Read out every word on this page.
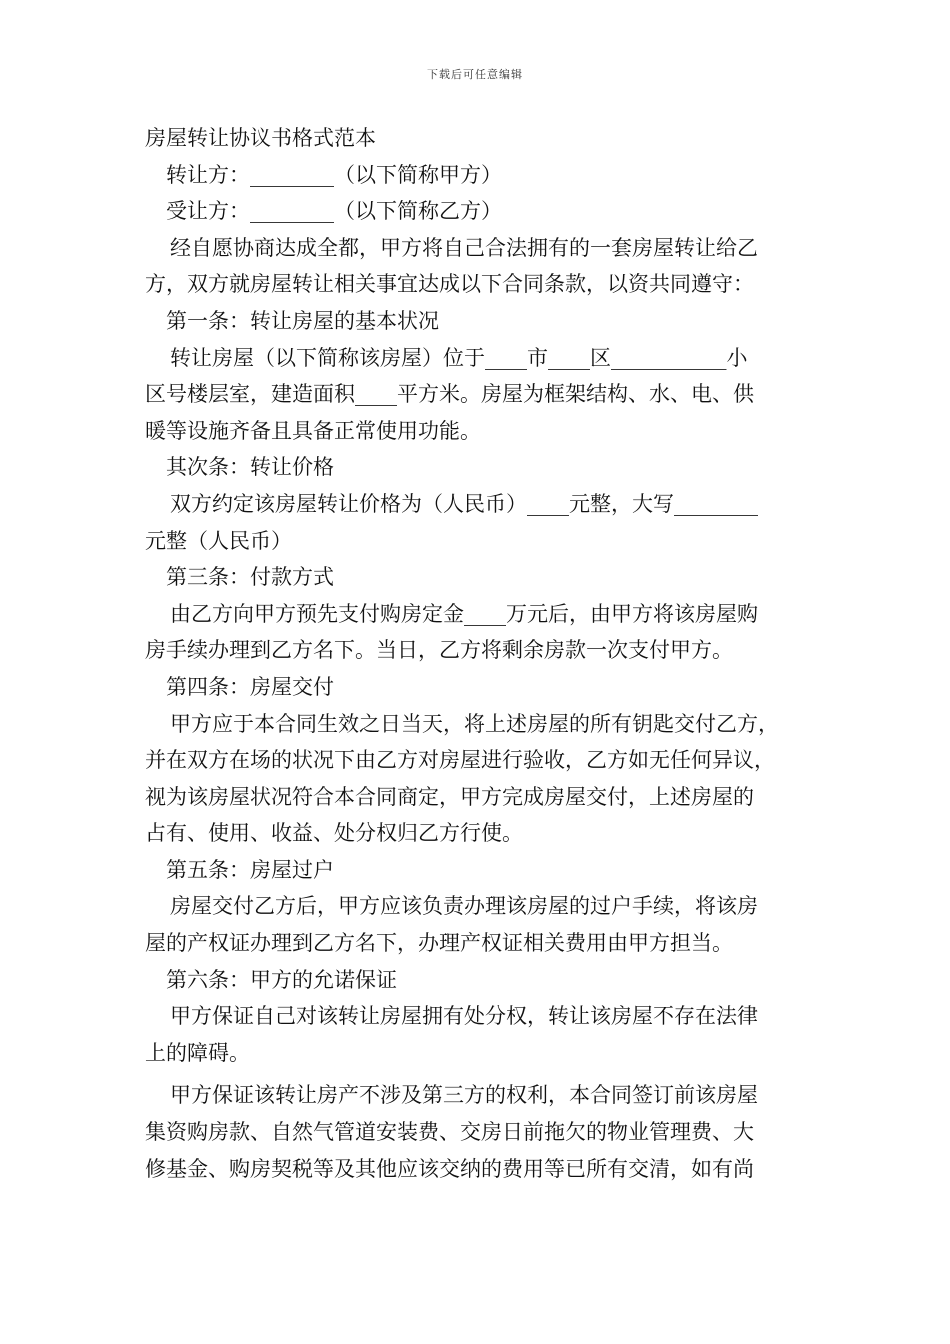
下载后可任意编辑

房屋转让协议书格式范本

转让方：________（以下简称甲方）

受让方：________（以下简称乙方）

经自愿协商达成全都，甲方将自己合法拥有的一套房屋转让给乙

方，双方就房屋转让相关事宜达成以下合同条款，以资共同遵守：

第一条：转让房屋的基本状况

转让房屋（以下简称该房屋）位于____市____区___________小

区号楼层室，建造面积____平方米。房屋为框架结构、水、电、供

暖等设施齐备且具备正常使用功能。

其次条：转让价格

双方约定该房屋转让价格为（人民币）____元整，大写________

元整（人民币）

第三条：付款方式

由乙方向甲方预先支付购房定金____万元后，由甲方将该房屋购

房手续办理到乙方名下。当日，乙方将剩余房款一次支付甲方。

第四条：房屋交付

甲方应于本合同生效之日当天，将上述房屋的所有钥匙交付乙方，

并在双方在场的状况下由乙方对房屋进行验收，乙方如无任何异议，

视为该房屋状况符合本合同商定，甲方完成房屋交付，上述房屋的

占有、使用、收益、处分权归乙方行使。

第五条：房屋过户

房屋交付乙方后，甲方应该负责办理该房屋的过户手续，将该房

屋的产权证办理到乙方名下，办理产权证相关费用由甲方担当。

第六条：甲方的允诺保证

甲方保证自己对该转让房屋拥有处分权，转让该房屋不存在法律

上的障碍。

甲方保证该转让房产不涉及第三方的权利，本合同签订前该房屋

集资购房款、自然气管道安装费、交房日前拖欠的物业管理费、大

修基金、购房契税等及其他应该交纳的费用等已所有交清，如有尚
